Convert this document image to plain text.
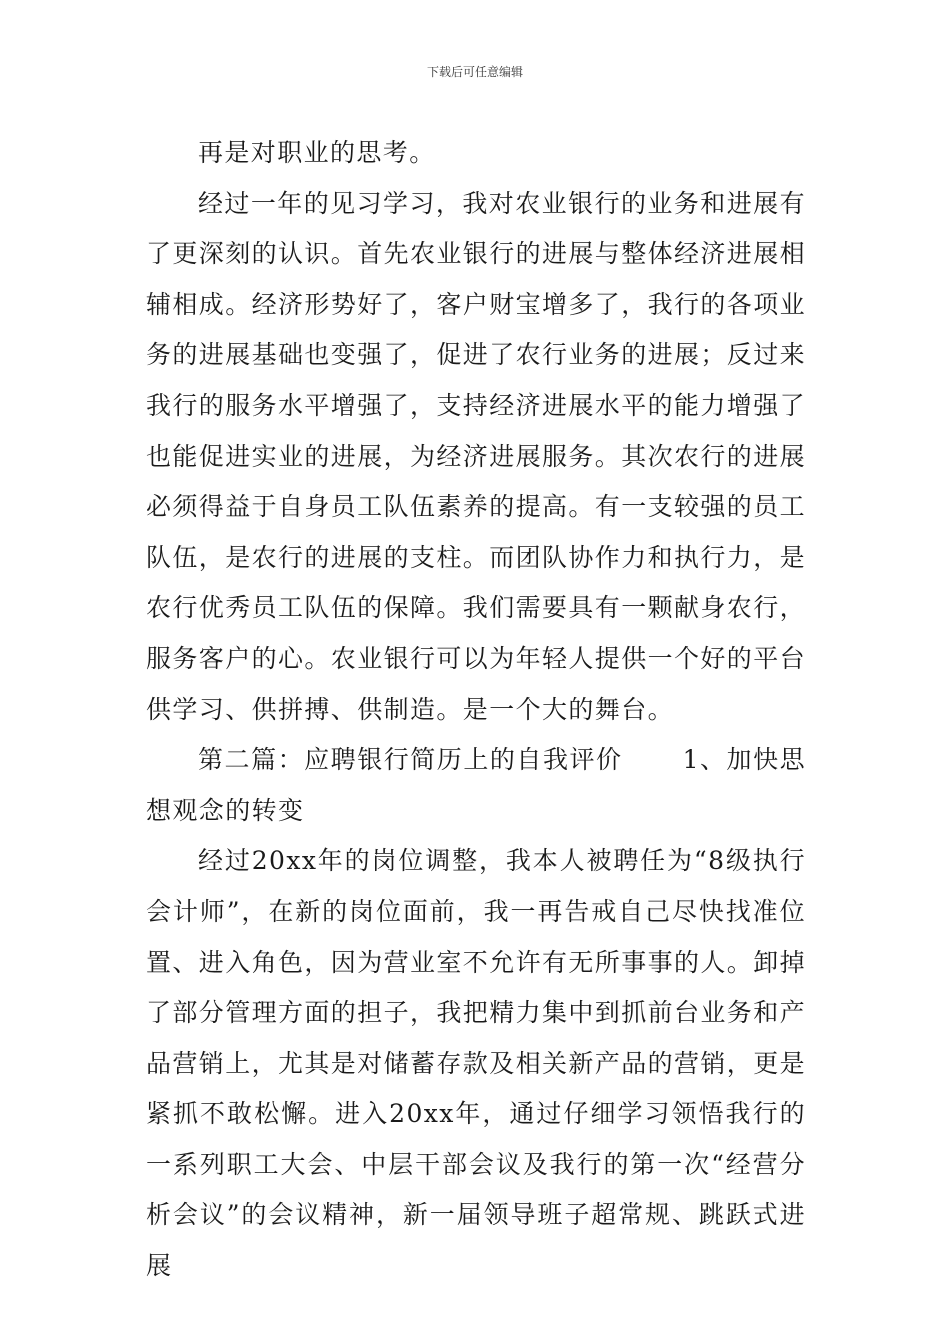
下载后可任意编辑

再是对职业的思考。

经过一年的见习学习，我对农业银行的业务和进展有了更深刻的认识。首先农业银行的进展与整体经济进展相辅相成。经济形势好了，客户财宝增多了，我行的各项业务的进展基础也变强了，促进了农行业务的进展；反过来我行的服务水平增强了，支持经济进展水平的能力增强了也能促进实业的进展，为经济进展服务。其次农行的进展必须得益于自身员工队伍素养的提高。有一支较强的员工队伍，是农行的进展的支柱。而团队协作力和执行力，是农行优秀员工队伍的保障。我们需要具有一颗献身农行，服务客户的心。农业银行可以为年轻人提供一个好的平台供学习、供拼搏、供制造。是一个大的舞台。

第二篇：应聘银行简历上的自我评价 1、加快思想观念的转变

经过20xx年的岗位调整，我本人被聘任为“8级执行会计师”，在新的岗位面前，我一再告戒自己尽快找准位置、进入角色，因为营业室不允许有无所事事的人。卸掉了部分管理方面的担子，我把精力集中到抓前台业务和产品营销上，尤其是对储蓄存款及相关新产品的营销，更是紧抓不敢松懈。进入20xx年，通过仔细学习领悟我行的一系列职工大会、中层干部会议及我行的第一次“经营分析会议”的会议精神，新一届领导班子超常规、跳跃式进展
